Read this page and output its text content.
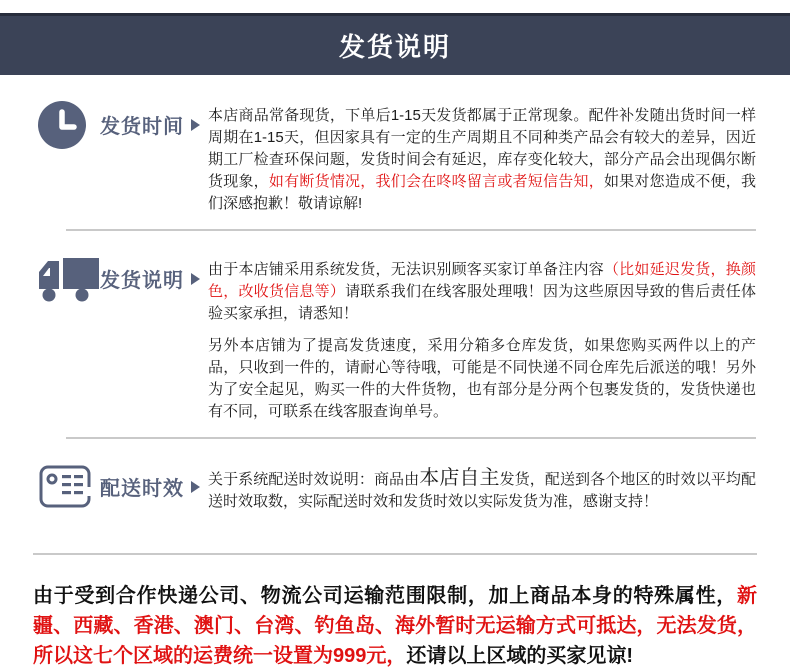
发货说明
发货时间

本店商品常备现货，下单后1-15天发货都属于正常现象。配件补发随出货时间一样周期在1-15天，但因家具有一定的生产周期且不同种类产品会有较大的差异，因近期工厂检查环保问题，发货时间会有延迟，库存变化较大，部分产品会出现偶尔断货现象，如有断货情况，我们会在咚咚留言或者短信告知，如果对您造成不便，我们深感抱歉！敬请谅解!

发货说明

由于本店铺采用系统发货，无法识别顾客买家订单备注内容（比如延迟发货，换颜色，改收货信息等）请联系我们在线客服处理哦！因为这些原因导致的售后责任体验买家承担，请悉知！

另外本店铺为了提高发货速度，采用分箱多仓库发货，如果您购买两件以上的产品，只收到一件的，请耐心等待哦，可能是不同快递不同仓库先后派送的哦！另外为了安全起见，购买一件的大件货物，也有部分是分两个包裹发货的，发货快递也有不同，可联系在线客服查询单号。

配送时效 关于系统配送时效说明：商品由本店自主发货，配送到各个地区的时效以平均配送时效取数，实际配送时效和发货时效以实际发货为准，感谢支持！

由于受到合作快递公司、物流公司运输范围限制，加上商品本身的特殊属性，新疆、西藏、香港、澳门、台湾、钓鱼岛、海外暂时无运输方式可抵达，无法发货，所以这七个区域的运费统一设置为999元，还请以上区域的买家见谅!
